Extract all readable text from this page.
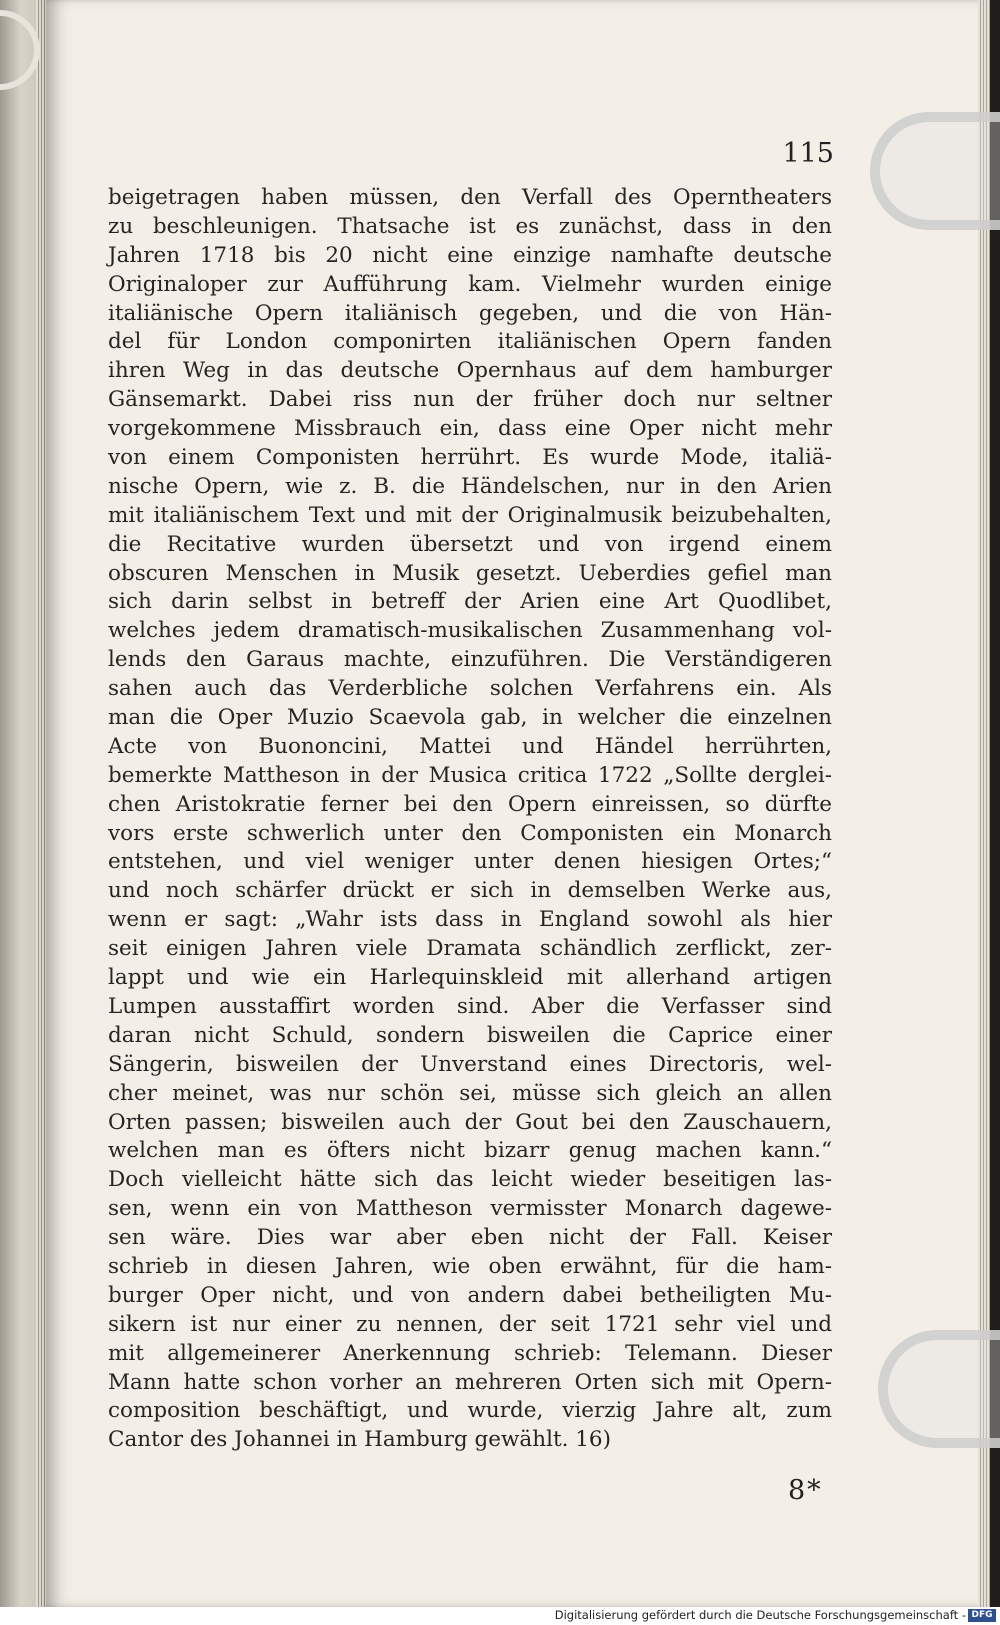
115

beigetragen haben müssen, den Verfall des Operntheaters
zu beschleunigen. Thatsache ist es zunächst, dass in den
Jahren 1718 bis 20 nicht eine einzige namhafte deutsche
Originaloper zur Aufführung kam. Vielmehr wurden einige
italiänische Opern italiänisch gegeben, und die von Hän-
del für London componirten italiänischen Opern fanden
ihren Weg in das deutsche Opernhaus auf dem hamburger
Gänsemarkt. Dabei riss nun der früher doch nur seltner
vorgekommene Missbrauch ein, dass eine Oper nicht mehr
von einem Componisten herrührt. Es wurde Mode, italiä-
nische Opern, wie z. B. die Händelschen, nur in den Arien
mit italiänischem Text und mit der Originalmusik beizubehalten,
die Recitative wurden übersetzt und von irgend einem
obscuren Menschen in Musik gesetzt. Ueberdies gefiel man
sich darin selbst in betreff der Arien eine Art Quodlibet,
welches jedem dramatisch-musikalischen Zusammenhang vol-
lends den Garaus machte, einzuführen. Die Verständigeren
sahen auch das Verderbliche solchen Verfahrens ein. Als
man die Oper Muzio Scaevola gab, in welcher die einzelnen
Acte von Buononcini, Mattei und Händel herrührten,
bemerkte Mattheson in der Musica critica 1722 „Sollte derglei-
chen Aristokratie ferner bei den Opern einreissen, so dürfte
vors erste schwerlich unter den Componisten ein Monarch
entstehen, und viel weniger unter denen hiesigen Ortes;“
und noch schärfer drückt er sich in demselben Werke aus,
wenn er sagt: „Wahr ists dass in England sowohl als hier
seit einigen Jahren viele Dramata schändlich zerflickt, zer-
lappt und wie ein Harlequinskleid mit allerhand artigen
Lumpen ausstaffirt worden sind. Aber die Verfasser sind
daran nicht Schuld, sondern bisweilen die Caprice einer
Sängerin, bisweilen der Unverstand eines Directoris, wel-
cher meinet, was nur schön sei, müsse sich gleich an allen
Orten passen; bisweilen auch der Gout bei den Zauschauern,
welchen man es öfters nicht bizarr genug machen kann.“
Doch vielleicht hätte sich das leicht wieder beseitigen las-
sen, wenn ein von Mattheson vermisster Monarch dagewe-
sen wäre. Dies war aber eben nicht der Fall. Keiser
schrieb in diesen Jahren, wie oben erwähnt, für die ham-
burger Oper nicht, und von andern dabei betheiligten Mu-
sikern ist nur einer zu nennen, der seit 1721 sehr viel und
mit allgemeinerer Anerkennung schrieb: Telemann. Dieser
Mann hatte schon vorher an mehreren Orten sich mit Opern-
composition beschäftigt, und wurde, vierzig Jahre alt, zum
Cantor des Johannei in Hamburg gewählt. 16)

8*

Digitalisierung gefördert durch die Deutsche Forschungsgemeinschaft - DFG
